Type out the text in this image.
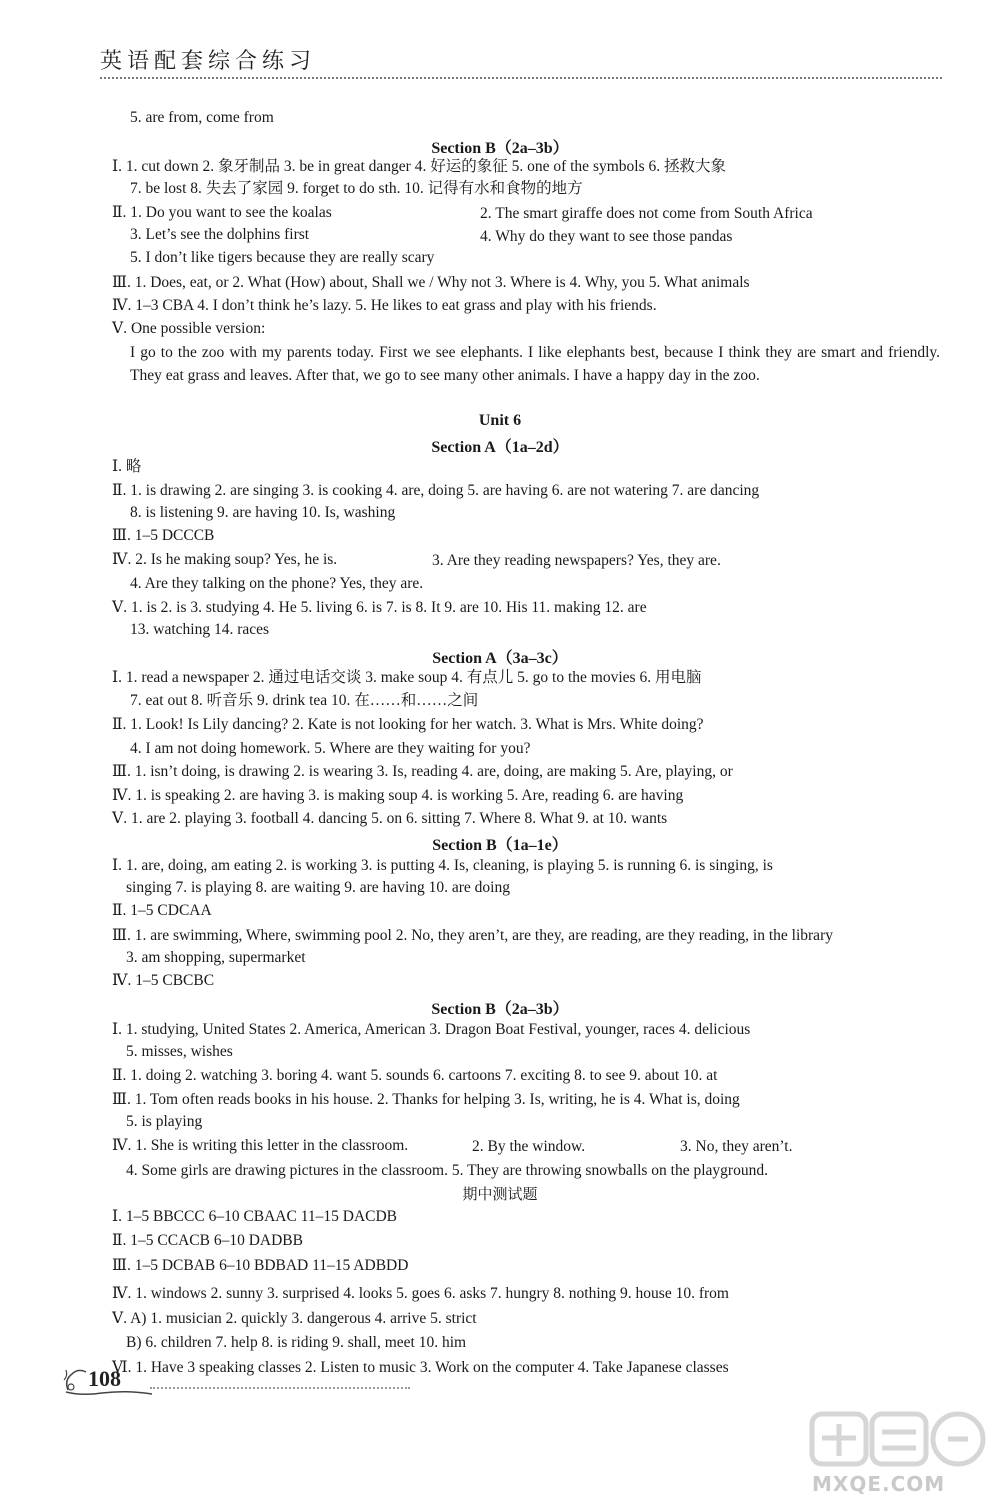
英语配套综合练习
5. are from, come from
Section B（2a–3b）
Ⅰ. 1. cut down 2. 象牙制品 3. be in great danger 4. 好运的象征 5. one of the symbols 6. 拯救大象
7. be lost 8. 失去了家园 9. forget to do sth. 10. 记得有水和食物的地方
Ⅱ. 1. Do you want to see the koalas	2. The smart giraffe does not come from South Africa
3. Let’s see the dolphins first	4. Why do they want to see those pandas
5. I don’t like tigers because they are really scary
Ⅲ. 1. Does, eat, or 2. What (How) about, Shall we / Why not 3. Where is 4. Why, you 5. What animals
Ⅳ. 1–3 CBA 4. I don’t think he’s lazy. 5. He likes to eat grass and play with his friends.
Ⅴ. One possible version:
I go to the zoo with my parents today. First we see elephants. I like elephants best, because I think they are smart and friendly. They eat grass and leaves. After that, we go to see many other animals. I have a happy day in the zoo.
Unit 6
Section A（1a–2d）
Ⅰ. 略
Ⅱ. 1. is drawing 2. are singing 3. is cooking 4. are, doing 5. are having 6. are not watering 7. are dancing
8. is listening 9. are having 10. Is, washing
Ⅲ. 1–5 DCCCB
Ⅳ. 2. Is he making soup? Yes, he is.	3. Are they reading newspapers? Yes, they are.
4. Are they talking on the phone? Yes, they are.
Ⅴ. 1. is 2. is 3. studying 4. He 5. living 6. is 7. is 8. It 9. are 10. His 11. making 12. are
13. watching 14. races
Section A（3a–3c）
Ⅰ. 1. read a newspaper 2. 通过电话交谈 3. make soup 4. 有点儿 5. go to the movies 6. 用电脑
7. eat out 8. 听音乐 9. drink tea 10. 在……和……之间
Ⅱ. 1. Look! Is Lily dancing? 2. Kate is not looking for her watch. 3. What is Mrs. White doing?
4. I am not doing homework. 5. Where are they waiting for you?
Ⅲ. 1. isn’t doing, is drawing 2. is wearing 3. Is, reading 4. are, doing, are making 5. Are, playing, or
Ⅳ. 1. is speaking 2. are having 3. is making soup 4. is working 5. Are, reading 6. are having
Ⅴ. 1. are 2. playing 3. football 4. dancing 5. on 6. sitting 7. Where 8. What 9. at 10. wants
Section B（1a–1e）
Ⅰ. 1. are, doing, am eating 2. is working 3. is putting 4. Is, cleaning, is playing 5. is running 6. is singing, is
singing 7. is playing 8. are waiting 9. are having 10. are doing
Ⅱ. 1–5 CDCAA
Ⅲ. 1. are swimming, Where, swimming pool 2. No, they aren’t, are they, are reading, are they reading, in the library
3. am shopping, supermarket
Ⅳ. 1–5 CBCBC
Section B（2a–3b）
Ⅰ. 1. studying, United States 2. America, American 3. Dragon Boat Festival, younger, races 4. delicious
5. misses, wishes
Ⅱ. 1. doing 2. watching 3. boring 4. want 5. sounds 6. cartoons 7. exciting 8. to see 9. about 10. at
Ⅲ. 1. Tom often reads books in his house. 2. Thanks for helping 3. Is, writing, he is 4. What is, doing
5. is playing
Ⅳ. 1. She is writing this letter in the classroom.	2. By the window.	3. No, they aren’t.
4. Some girls are drawing pictures in the classroom. 5. They are throwing snowballs on the playground.
期中测试题
Ⅰ. 1–5 BBCCC 6–10 CBAAC 11–15 DACDB
Ⅱ. 1–5 CCACB 6–10 DADBB
Ⅲ. 1–5 DCBAB 6–10 BDBAD 11–15 ADBDD
Ⅳ. 1. windows 2. sunny 3. surprised 4. looks 5. goes 6. asks 7. hungry 8. nothing 9. house 10. from
Ⅴ. A) 1. musician 2. quickly 3. dangerous 4. arrive 5. strict
B) 6. children 7. help 8. is riding 9. shall, meet 10. him
Ⅵ. 1. Have 3 speaking classes 2. Listen to music 3. Work on the computer 4. Take Japanese classes
108
MXQE.COM
